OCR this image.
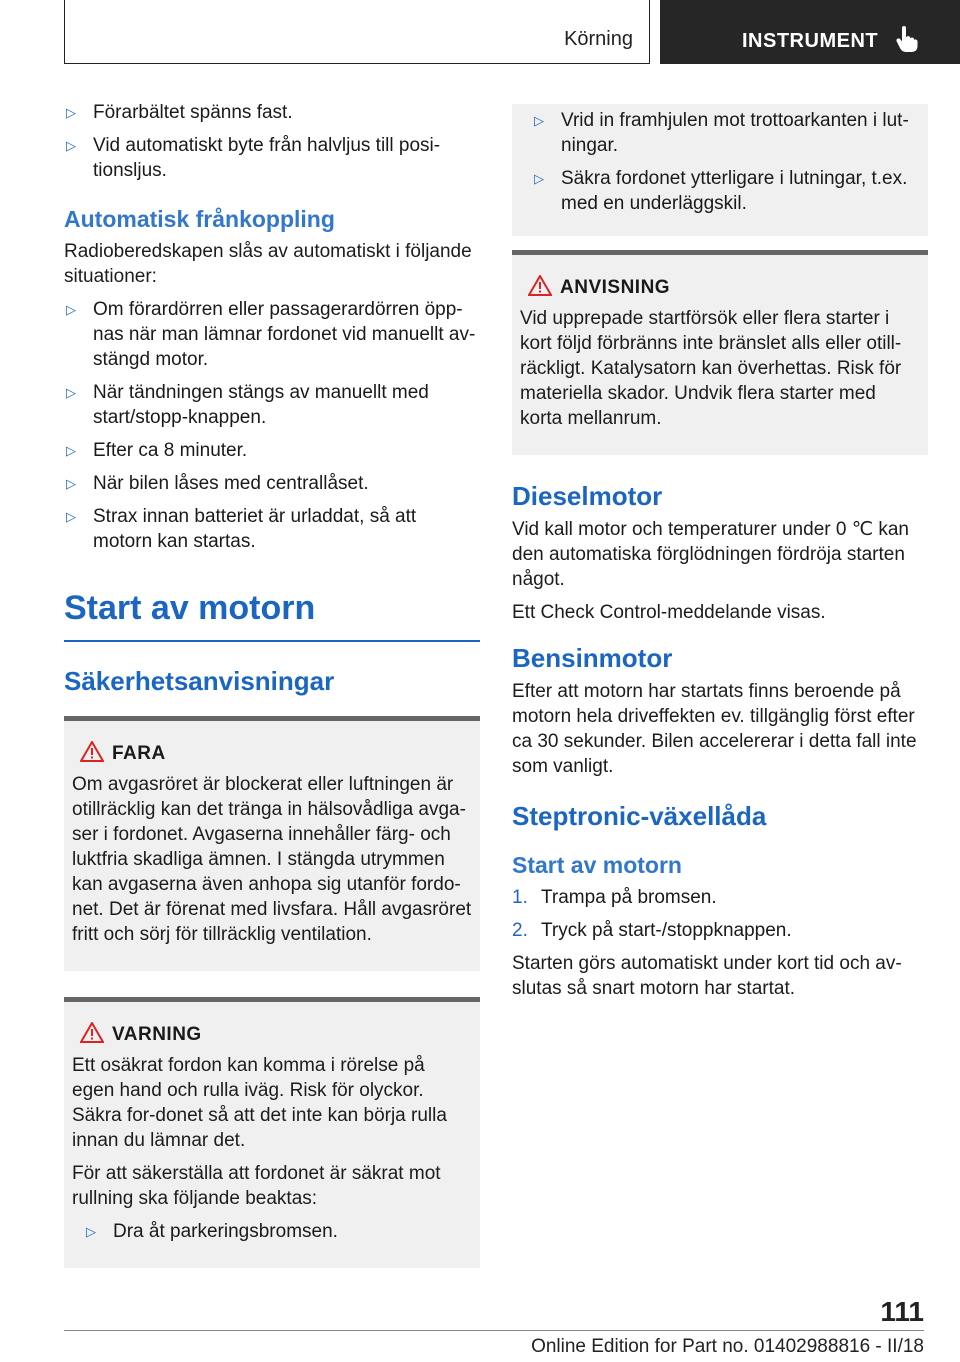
Körning	INSTRUMENT
▷ Förarbältet spänns fast.
▷ Vid automatiskt byte från halvljus till posi-tionsljus.
Automatisk frånkoppling
Radioberedskapen slås av automatiskt i följande situationer:
▷ Om förardörren eller passagerardörren öpp-nas när man lämnar fordonet vid manuellt av-stängd motor.
▷ När tändningen stängs av manuellt med start/stopp-knappen.
▷ Efter ca 8 minuter.
▷ När bilen låses med centrallåset.
▷ Strax innan batteriet är urladdat, så att motorn kan startas.
Start av motorn
Säkerhetsanvisningar
FARA
Om avgasröret är blockerat eller luftningen är otillräcklig kan det tränga in hälsovådliga avga-ser i fordonet. Avgaserna innehåller färg- och luktfria skadliga ämnen. I stängda utrymmen kan avgaserna även anhopa sig utanför fordo-net. Det är förenat med livsfara. Håll avgasröret fritt och sörj för tillräcklig ventilation.
VARNING
Ett osäkrat fordon kan komma i rörelse på egen hand och rulla iväg. Risk för olyckor. Säkra for-donet så att det inte kan börja rulla innan du lämnar det.
För att säkerställa att fordonet är säkrat mot rullning ska följande beaktas:
▷ Dra åt parkeringsbromsen.
▷ Vrid in framhjulen mot trottoarkanten i lut-ningar.
▷ Säkra fordonet ytterligare i lutningar, t.ex. med en underläggskil.
ANVISNING
Vid upprepade startförsök eller flera starter i kort följd förbränns inte bränslet alls eller otill-räckligt. Katalysatorn kan överhettas. Risk för materiella skador. Undvik flera starter med korta mellanrum.
Dieselmotor
Vid kall motor och temperaturer under 0 ℃ kan den automatiska förglödningen fördröja starten något.
Ett Check Control-meddelande visas.
Bensinmotor
Efter att motorn har startats finns beroende på motorn hela driveffekten ev. tillgänglig först efter ca 30 sekunder. Bilen accelererar i detta fall inte som vanligt.
Steptronic-växellåda
Start av motorn
1. Trampa på bromsen.
2. Tryck på start-/stoppknappen.
Starten görs automatiskt under kort tid och av-slutas så snart motorn har startat.
111
Online Edition for Part no. 01402988816 - II/18
